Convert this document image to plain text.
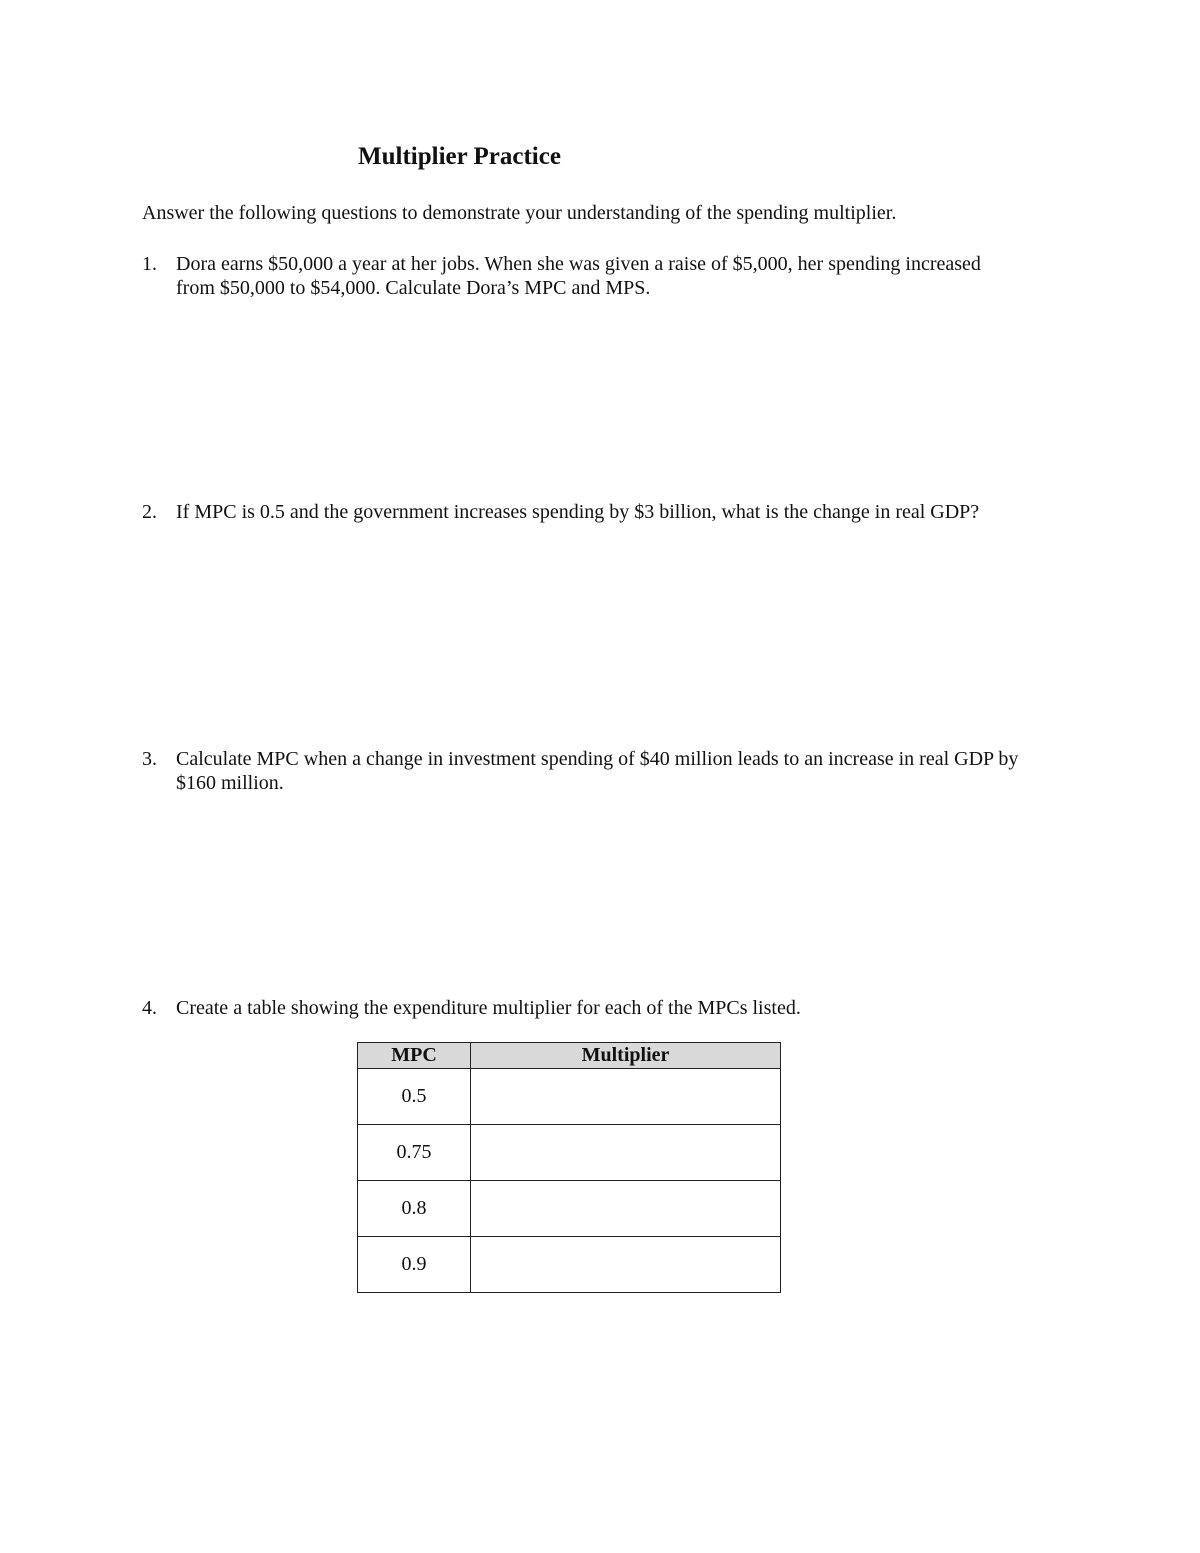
Multiplier Practice

Answer the following questions to demonstrate your understanding of the spending multiplier.

1. Dora earns $50,000 a year at her jobs. When she was given a raise of $5,000, her spending increased from $50,000 to $54,000. Calculate Dora’s MPC and MPS.
2. If MPC is 0.5 and the government increases spending by $3 billion, what is the change in real GDP?
3. Calculate MPC when a change in investment spending of $40 million leads to an increase in real GDP by $160 million.
4. Create a table showing the expenditure multiplier for each of the MPCs listed.
MPC	Multiplier
0.5	
0.75	
0.8	
0.9	
